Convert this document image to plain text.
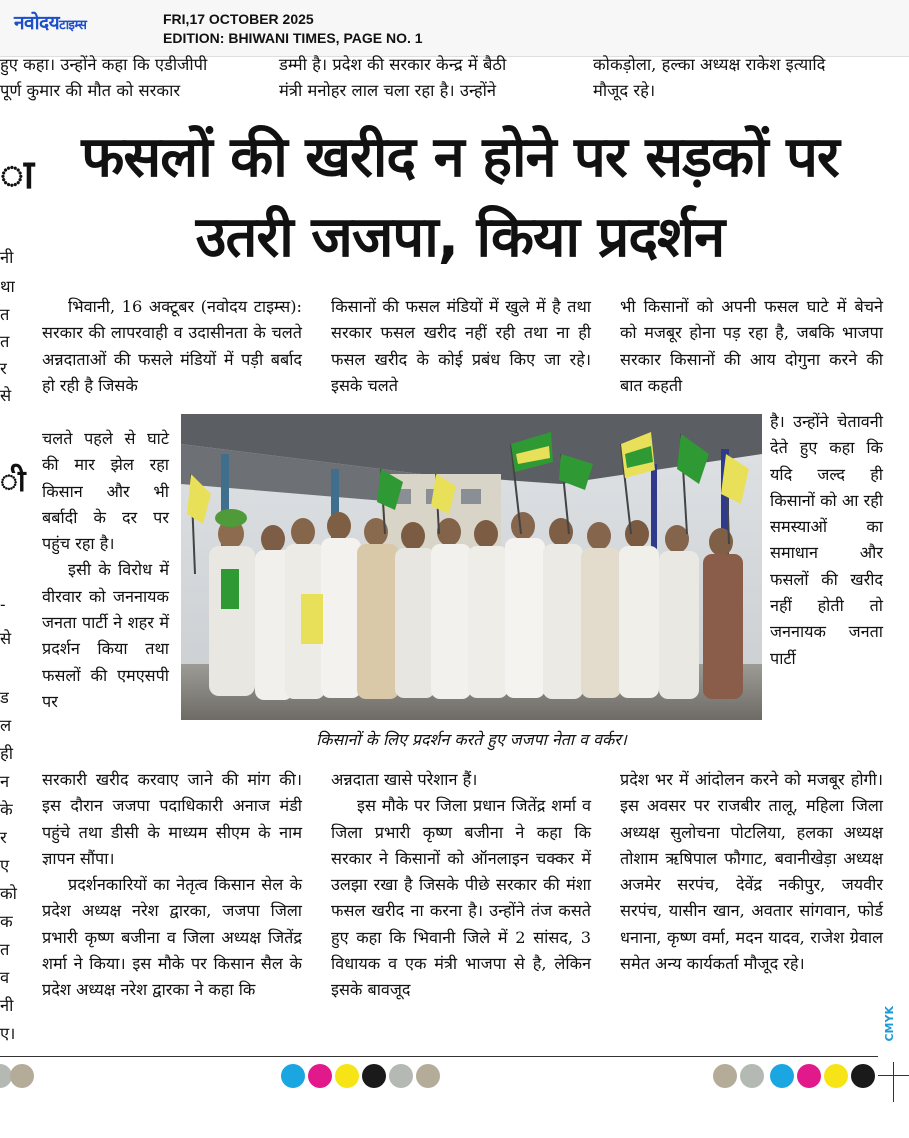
नवोदयटाइम्स	FRI,17 OCTOBER 2025
EDITION: BHIWANI TIMES, PAGE NO. 1
हुए कहा। उन्होंने कहा कि एडीजीपी
पूर्ण कुमार की मौत को सरकार
डम्मी है। प्रदेश की सरकार केन्द्र में बैठी
मंत्री मनोहर लाल चला रहा है। उन्होंने
कोकड़ोला, हल्का अध्यक्ष राकेश इत्यादि
मौजूद रहे।
ा
नी
था
त
त
र
से
ी
-
से
ड
ल
ही
न
के
र
ए
को
क
त
व
नी
ए।
फसलों की खरीद न होने पर सड़कों पर उतरी जजपा, किया प्रदर्शन

भिवानी, 16 अक्टूबर (नवोदय टाइम्स): सरकार की लापरवाही व उदासीनता के चलते अन्नदाताओं की फसले मंडियों में पड़ी बर्बाद हो रही है जिसके

चलते पहले से घाटे की मार झेल रहा किसान और भी बर्बादी के दर पर पहुंच रहा है।

इसी के विरोध में वीरवार को जननायक जनता पार्टी ने शहर में प्रदर्शन किया तथा फसलों की एमएसपी पर

सरकारी खरीद करवाए जाने की मांग की। इस दौरान जजपा पदाधिकारी अनाज मंडी पहुंचे तथा डीसी के माध्यम सीएम के नाम ज्ञापन सौंपा।

प्रदर्शनकारियों का नेतृत्व किसान सेल के प्रदेश अध्यक्ष नरेश द्वारका, जजपा जिला प्रभारी कृष्ण बजीना व जिला अध्यक्ष जितेंद्र शर्मा ने किया। इस मौके पर किसान सैल के प्रदेश अध्यक्ष नरेश द्वारका ने कहा कि

किसानों की फसल मंडियों में खुले में है तथा सरकार फसल खरीद नहीं रही तथा ना ही फसल खरीद के कोई प्रबंध किए जा रहे। इसके चलते

अन्नदाता खासे परेशान हैं।

इस मौके पर जिला प्रधान जितेंद्र शर्मा व जिला प्रभारी कृष्ण बजीना ने कहा कि सरकार ने किसानों को ऑनलाइन चक्कर में उलझा रखा है जिसके पीछे सरकार की मंशा फसल खरीद ना करना है। उन्होंने तंज कसते हुए कहा कि भिवानी जिले में 2 सांसद, 3 विधायक व एक मंत्री भाजपा से है, लेकिन इसके बावजूद

भी किसानों को अपनी फसल घाटे में बेचने को मजबूर होना पड़ रहा है, जबकि भाजपा सरकार किसानों की आय दोगुना करने की बात कहती

है। उन्होंने चेतावनी देते हुए कहा कि यदि जल्द ही किसानों को आ रही समस्याओं का समाधान और फसलों की खरीद नहीं होती तो जननायक जनता पार्टी

प्रदेश भर में आंदोलन करने को मजबूर होगी। इस अवसर पर राजबीर तालू, महिला जिला अध्यक्ष सुलोचना पोटलिया, हलका अध्यक्ष तोशाम ऋषिपाल फौगाट, बवानीखेड़ा अध्यक्ष अजमेर सरपंच, देवेंद्र नकीपुर, जयवीर सरपंच, यासीन खान, अवतार सांगवान, फोर्ड धनाना, कृष्ण वर्मा, मदन यादव, राजेश ग्रेवाल समेत अन्य कार्यकर्ता मौजूद रहे।

किसानों के लिए प्रदर्शन करते हुए जजपा नेता व वर्कर।
CMYK
